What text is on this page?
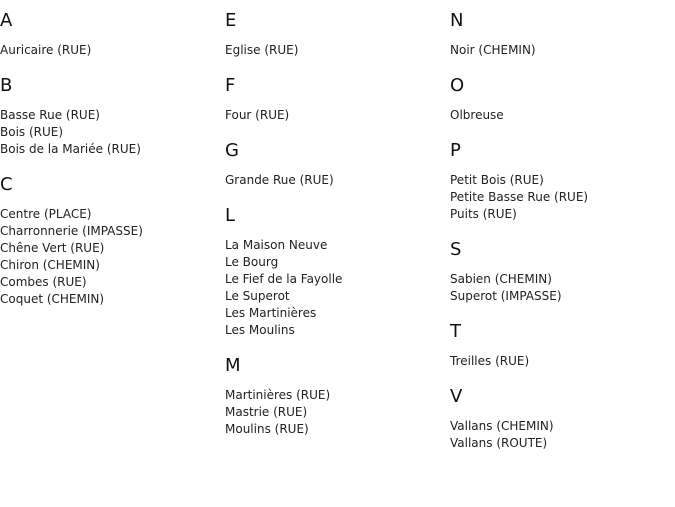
A
Auricaire (RUE)
B
Basse Rue (RUE)
Bois (RUE)
Bois de la Mariée (RUE)
C
Centre (PLACE)
Charronnerie (IMPASSE)
Chêne Vert (RUE)
Chiron (CHEMIN)
Combes (RUE)
Coquet (CHEMIN)
E
Eglise (RUE)
F
Four (RUE)
G
Grande Rue (RUE)
L
La Maison Neuve
Le Bourg
Le Fief de la Fayolle
Le Superot
Les Martinières
Les Moulins
M
Martinières (RUE)
Mastrie (RUE)
Moulins (RUE)
N
Noir (CHEMIN)
O
Olbreuse
P
Petit Bois (RUE)
Petite Basse Rue (RUE)
Puits (RUE)
S
Sabien (CHEMIN)
Superot (IMPASSE)
T
Treilles (RUE)
V
Vallans (CHEMIN)
Vallans (ROUTE)
